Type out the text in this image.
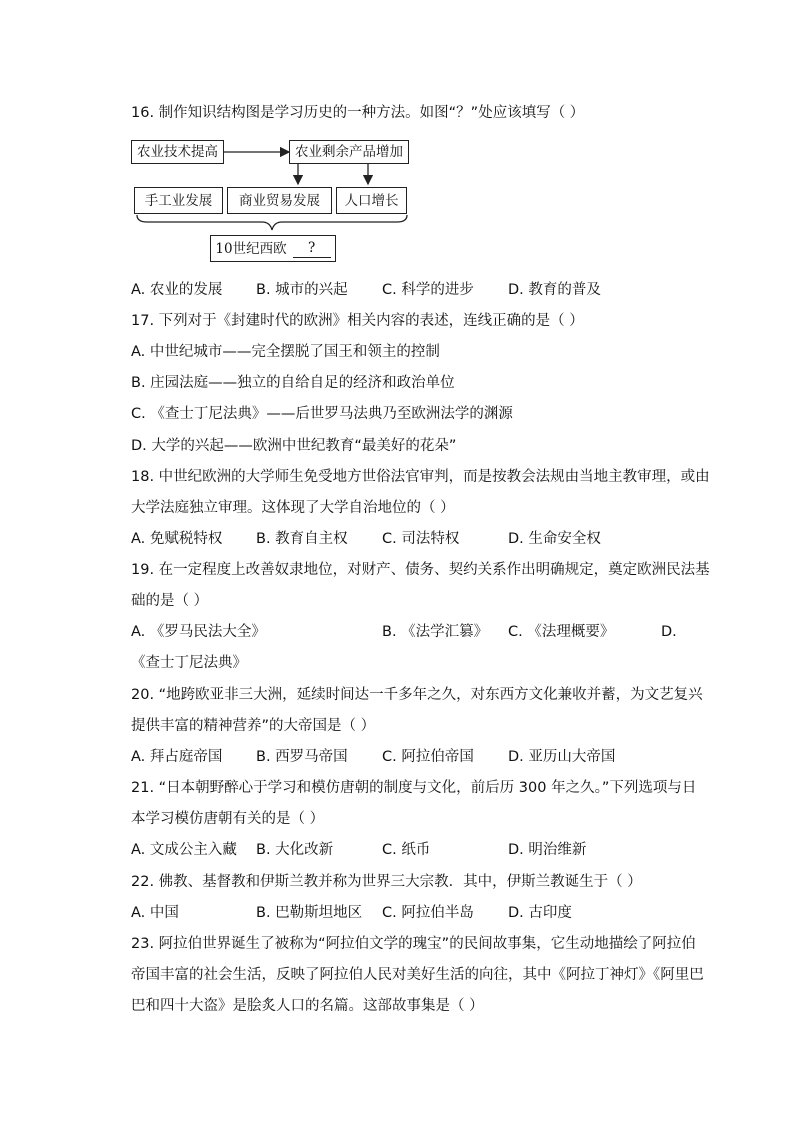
16. 制作知识结构图是学习历史的一种方法。如图“？”处应该填写（ ）
农业技术提高	农业剩余产品增加
手工业发展	商业贸易发展	人口增长
10世纪西欧	?
A. 农业的发展 B. 城市的兴起 C. 科学的进步 D. 教育的普及
17. 下列对于《封建时代的欧洲》相关内容的表述，连线正确的是（ ）
A. 中世纪城市——完全摆脱了国王和领主的控制
B. 庄园法庭——独立的自给自足的经济和政治单位
C. 《查士丁尼法典》——后世罗马法典乃至欧洲法学的渊源
D. 大学的兴起——欧洲中世纪教育“最美好的花朵”
18. 中世纪欧洲的大学师生免受地方世俗法官审判，而是按教会法规由当地主教审理，或由
大学法庭独立审理。这体现了大学自治地位的（ ）
A. 免赋税特权 B. 教育自主权 C. 司法特权	D. 生命安全权
19. 在一定程度上改善奴隶地位，对财产、债务、契约关系作出明确规定，奠定欧洲民法基
础的是（ ）
A. 《罗马民法大全》	B. 《法学汇篡》 C. 《法理概要》	D.
《查士丁尼法典》
20. “地跨欧亚非三大洲，延续时间达一千多年之久，对东西方文化兼收并蓄，为文艺复兴
提供丰富的精神营养”的大帝国是（ ）
A. 拜占庭帝国 B. 西罗马帝国 C. 阿拉伯帝国 D. 亚历山大帝国
21. “日本朝野醉心于学习和模仿唐朝的制度与文化，前后历 300 年之久。”下列选项与日
本学习模仿唐朝有关的是（ ）
A. 文成公主入藏 B. 大化改新	C. 纸币	D. 明治维新
22. 佛教、基督教和伊斯兰教并称为世界三大宗教．其中，伊斯兰教诞生于（ ）
A. 中国	B. 巴勒斯坦地区 C. 阿拉伯半岛 D. 古印度
23. 阿拉伯世界诞生了被称为“阿拉伯文学的瑰宝”的民间故事集，它生动地描绘了阿拉伯
帝国丰富的社会生活，反映了阿拉伯人民对美好生活的向往，其中《阿拉丁神灯》《阿里巴
巴和四十大盗》是脍炙人口的名篇。这部故事集是（ ）
